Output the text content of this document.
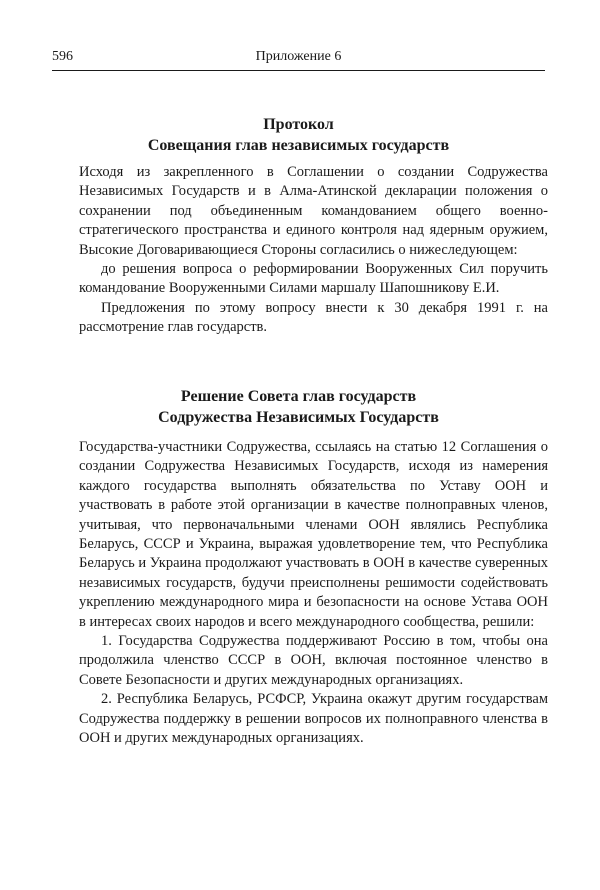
596	Приложение 6
Протокол
Совещания глав независимых государств

Исходя из закрепленного в Соглашении о создании Содружества Независимых Государств и в Алма-Атинской декларации положения о сохранении под объединенным командованием общего военно-стратегического пространства и единого контроля над ядерным оружием, Высокие Договаривающиеся Стороны согласились о нижеследующем:

до решения вопроса о реформировании Вооруженных Сил поручить командование Вооруженными Силами маршалу Шапошникову Е.И.

Предложения по этому вопросу внести к 30 декабря 1991 г. на рассмотрение глав государств.

Решение Совета глав государств
Содружества Независимых Государств

Государства-участники Содружества, ссылаясь на статью 12 Соглашения о создании Содружества Независимых Государств, исходя из намерения каждого государства выполнять обязательства по Уставу ООН и участвовать в работе этой организации в качестве полноправных членов, учитывая, что первоначальными членами ООН являлись Республика Беларусь, СССР и Украина, выражая удовлетворение тем, что Республика Беларусь и Украина продолжают участвовать в ООН в качестве суверенных независимых государств, будучи преисполнены решимости содействовать укреплению международного мира и безопасности на основе Устава ООН в интересах своих народов и всего международного сообщества, решили:

1. Государства Содружества поддерживают Россию в том, чтобы она продолжила членство СССР в ООН, включая постоянное членство в Совете Безопасности и других международных организациях.

2. Республика Беларусь, РСФСР, Украина окажут другим государствам Содружества поддержку в решении вопросов их полноправного членства в ООН и других международных организациях.
